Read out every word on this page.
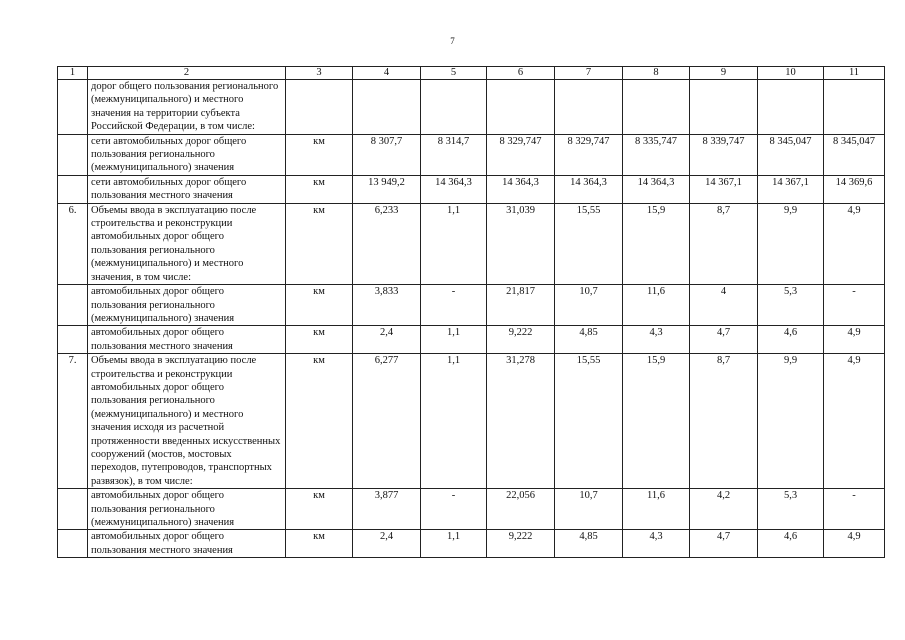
7
1	2	3	4	5	6	7	8	9	10	11
	дорог общего пользования регионального (межмуниципального) и местного значения на территории субъекта Российской Федерации, в том числе:									
	сети автомобильных дорог общего пользования регионального (межмуниципального) значения	км	8 307,7	8 314,7	8 329,747	8 329,747	8 335,747	8 339,747	8 345,047	8 345,047
	сети автомобильных дорог общего пользования местного значения	км	13 949,2	14 364,3	14 364,3	14 364,3	14 364,3	14 367,1	14 367,1	14 369,6
6.	Объемы ввода в эксплуатацию после строительства и реконструкции автомобильных дорог общего пользования регионального (межмуниципального) и местного значения, в том числе:	км	6,233	1,1	31,039	15,55	15,9	8,7	9,9	4,9
	автомобильных дорог общего пользования регионального (межмуниципального) значения	км	3,833	-	21,817	10,7	11,6	4	5,3	-
	автомобильных дорог общего пользования местного значения	км	2,4	1,1	9,222	4,85	4,3	4,7	4,6	4,9
7.	Объемы ввода в эксплуатацию после строительства и реконструкции автомобильных дорог общего пользования регионального (межмуниципального) и местного значения исходя из расчетной протяженности введенных искусственных сооружений (мостов, мостовых переходов, путепроводов, транспортных развязок), в том числе:	км	6,277	1,1	31,278	15,55	15,9	8,7	9,9	4,9
	автомобильных дорог общего пользования регионального (межмуниципального) значения	км	3,877	-	22,056	10,7	11,6	4,2	5,3	-
	автомобильных дорог общего пользования местного значения	км	2,4	1,1	9,222	4,85	4,3	4,7	4,6	4,9
